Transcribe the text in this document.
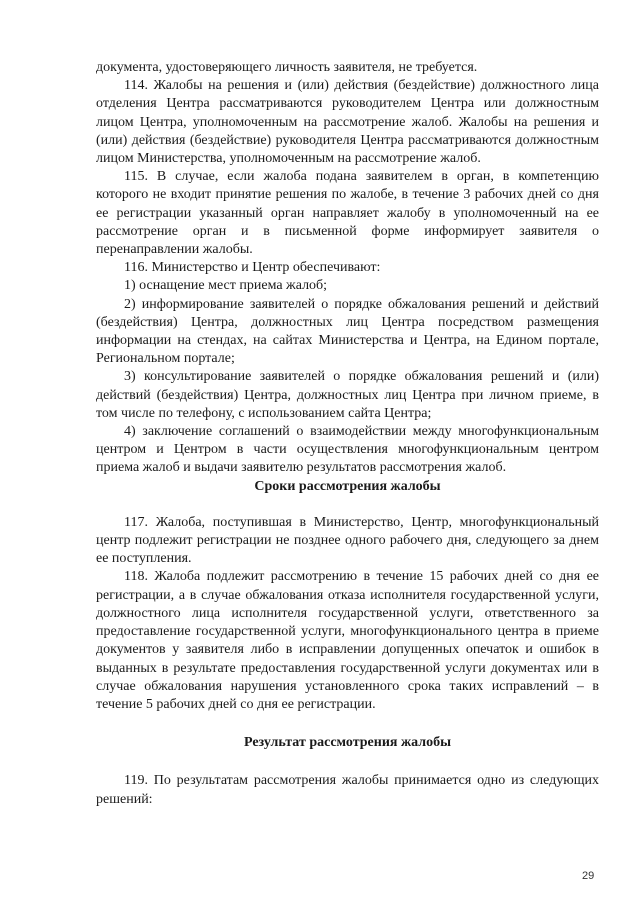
документа, удостоверяющего личность заявителя, не требуется.

114. Жалобы на решения и (или) действия (бездействие) должностного лица отделения Центра рассматриваются руководителем Центра или должностным лицом Центра, уполномоченным на рассмотрение жалоб. Жалобы на решения и (или) действия (бездействие) руководителя Центра рассматриваются должностным лицом Министерства, уполномоченным на рассмотрение жалоб.

115. В случае, если жалоба подана заявителем в орган, в компетенцию которого не входит принятие решения по жалобе, в течение 3 рабочих дней со дня ее регистрации указанный орган направляет жалобу в уполномоченный на ее рассмотрение орган и в письменной форме информирует заявителя о перенаправлении жалобы.

116. Министерство и Центр обеспечивают:

1) оснащение мест приема жалоб;

2) информирование заявителей о порядке обжалования решений и действий (бездействия) Центра, должностных лиц Центра посредством размещения информации на стендах, на сайтах Министерства и Центра, на Едином портале, Региональном портале;

3) консультирование заявителей о порядке обжалования решений и (или) действий (бездействия) Центра, должностных лиц Центра при личном приеме, в том числе по телефону, с использованием сайта Центра;

4) заключение соглашений о взаимодействии между многофункциональным центром и Центром в части осуществления многофункциональным центром приема жалоб и выдачи заявителю результатов рассмотрения жалоб.

Сроки рассмотрения жалобы

117. Жалоба, поступившая в Министерство, Центр, многофункциональный центр подлежит регистрации не позднее одного рабочего дня, следующего за днем ее поступления.

118. Жалоба подлежит рассмотрению в течение 15 рабочих дней со дня ее регистрации, а в случае обжалования отказа исполнителя государственной услуги, должностного лица исполнителя государственной услуги, ответственного за предоставление государственной услуги, многофункционального центра в приеме документов у заявителя либо в исправлении допущенных опечаток и ошибок в выданных в результате предоставления государственной услуги документах или в случае обжалования нарушения установленного срока таких исправлений – в течение 5 рабочих дней со дня ее регистрации.

Результат рассмотрения жалобы

119. По результатам рассмотрения жалобы принимается одно из следующих решений:

29
